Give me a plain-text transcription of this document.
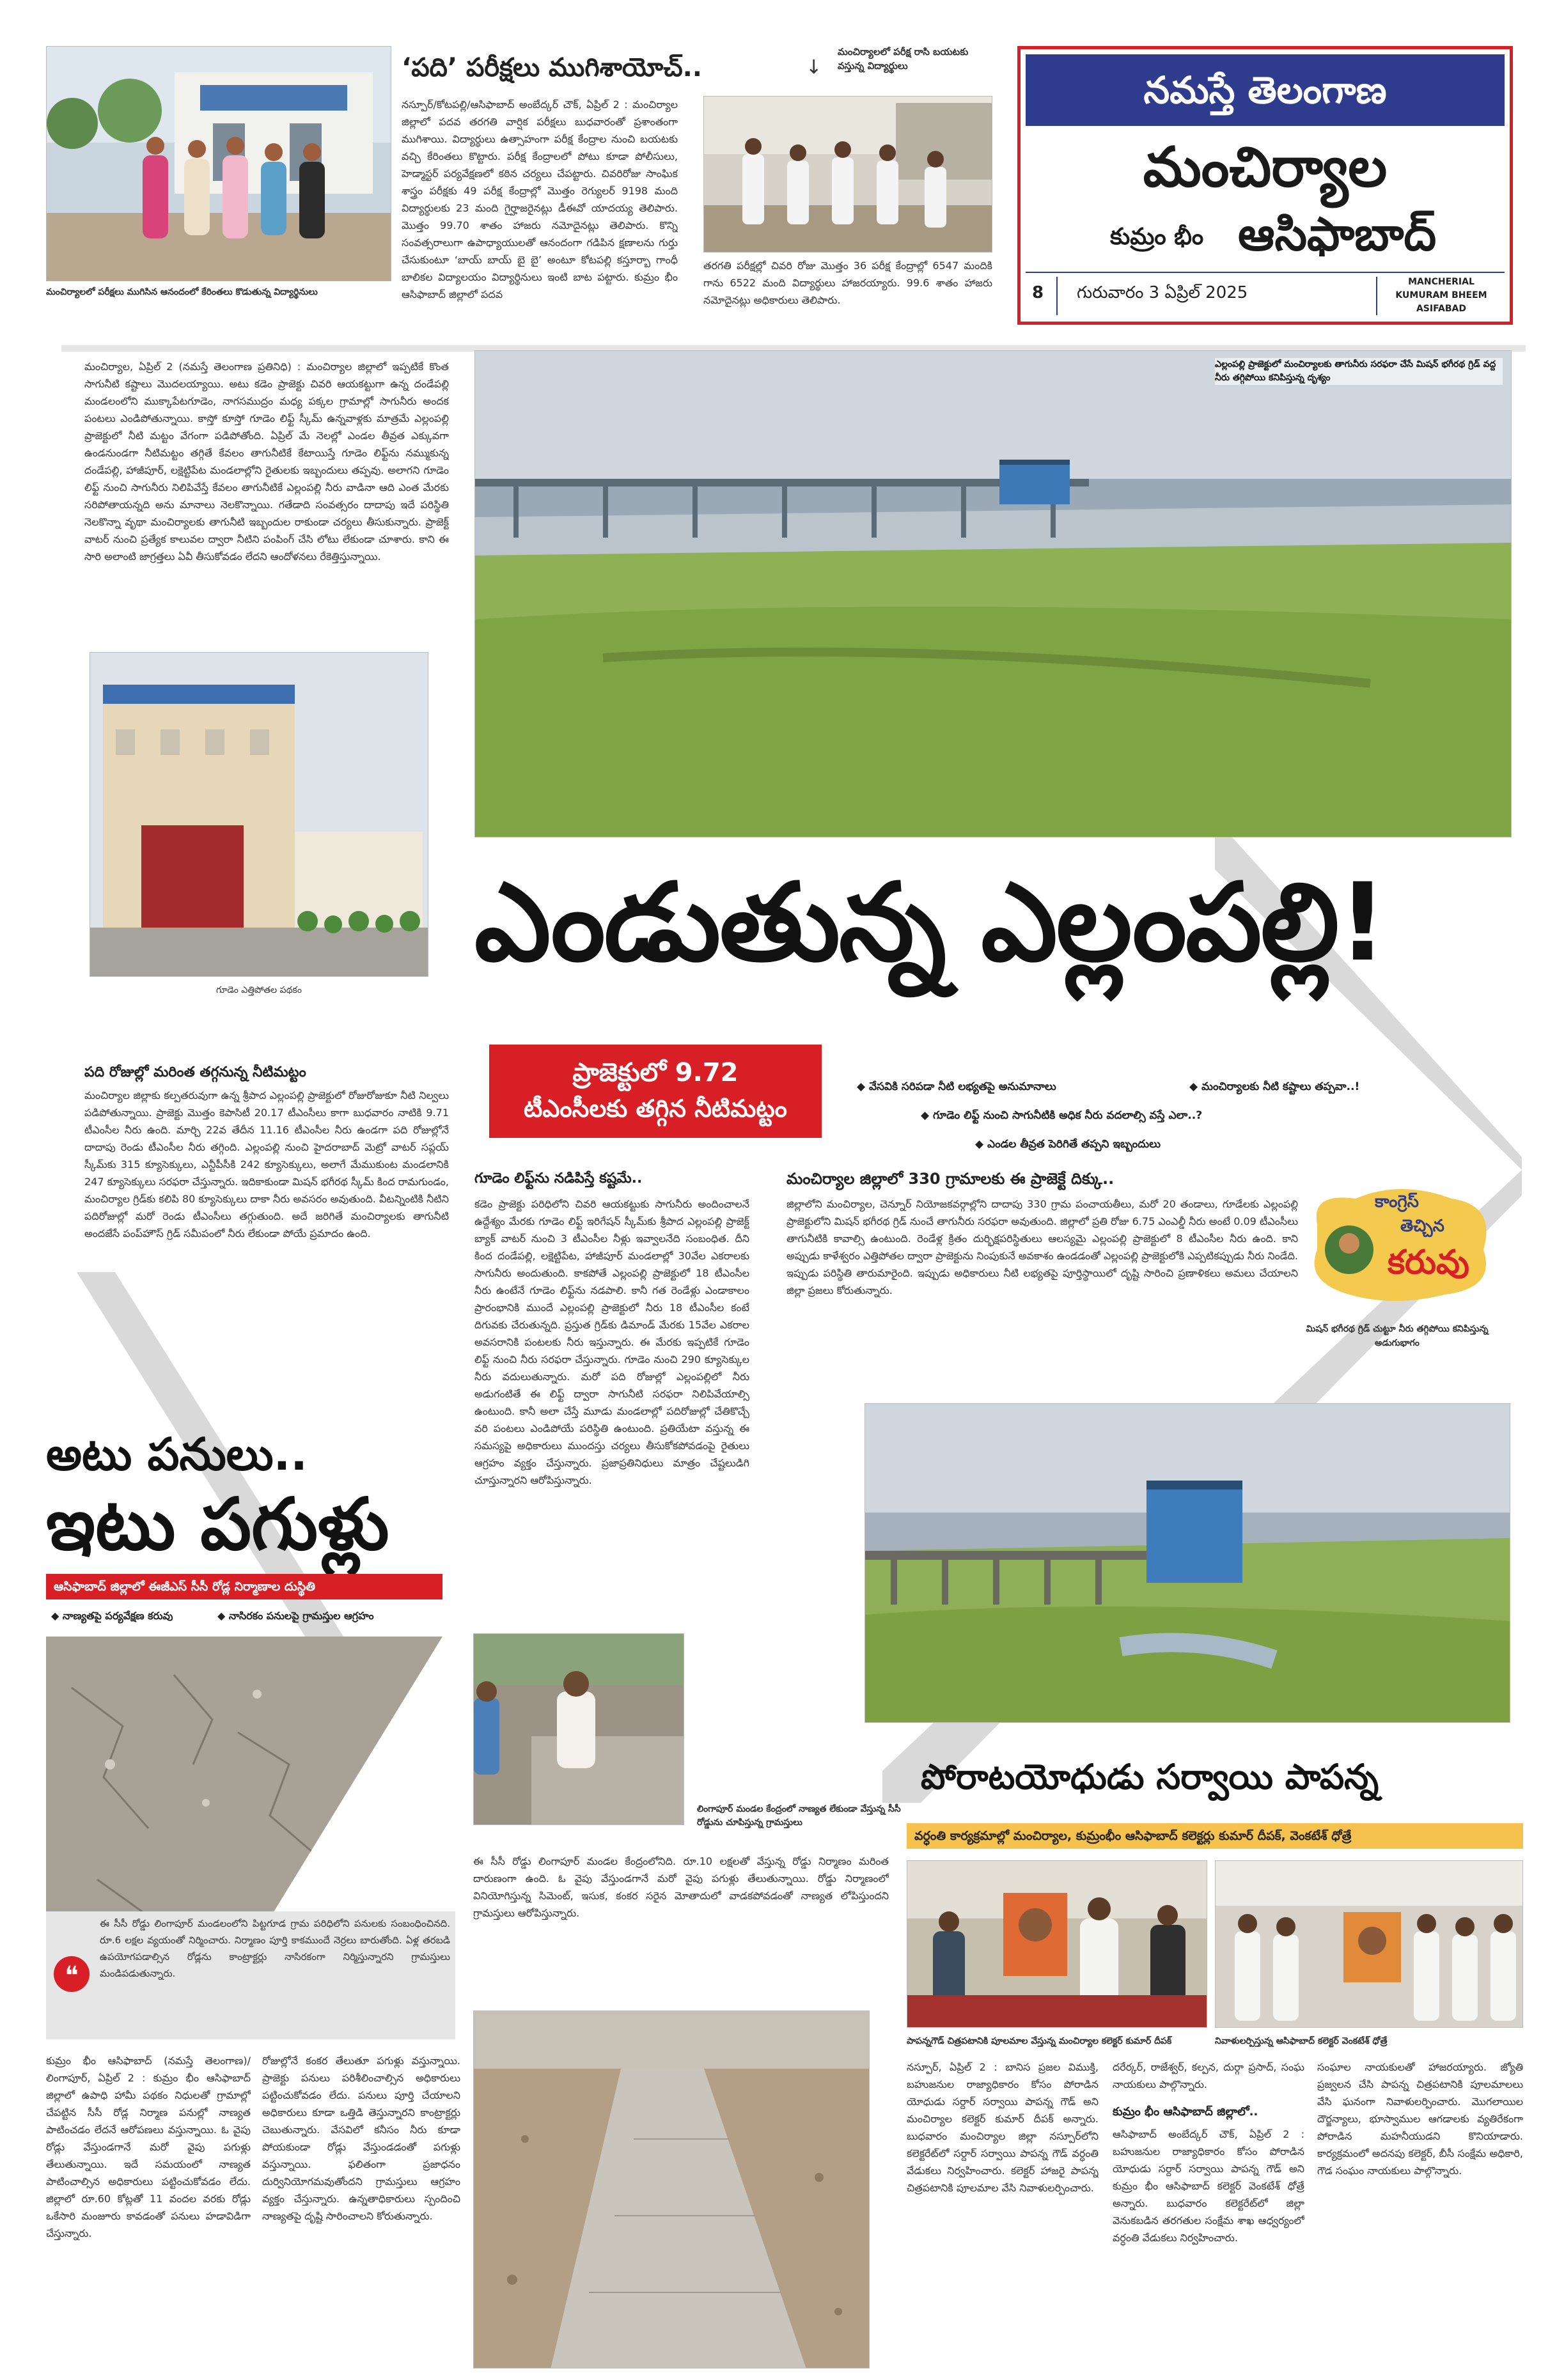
మంచిర్యాలలో పరీక్షలు ముగిసిన ఆనందంలో కేరింతలు కొడుతున్న విద్యార్థినులు
‘పది’ పరీక్షలు ముగిశాయోచ్..	↓
నస్పూర్/కోటపల్లి/ఆసిఫాబాద్ అంబేద్కర్ చౌక్, ఏప్రిల్ 2 : మంచిర్యాల జిల్లాలో పదవ తరగతి వార్షిక పరీక్షలు బుధవారంతో ప్రశాంతంగా ముగిశాయి. విద్యార్థులు ఉత్సాహంగా పరీక్ష కేంద్రాల నుంచి బయటకు వచ్చి కేరింతలు కొట్టారు. పరీక్ష కేంద్రాలలో పోటు కూడా పోలీసులు, హెడ్మాస్టర్ పర్యవేక్షణలో కఠిన చర్యలు చేపట్టారు. చివరిరోజు సాంఘిక శాస్త్రం పరీక్షకు 49 పరీక్ష కేంద్రాల్లో మొత్తం రెగ్యులర్ 9198 మంది విద్యార్థులకు 23 మంది గైర్హాజరైనట్లు డీఈవో యాదయ్య తెలిపారు. మొత్తం 99.70 శాతం హాజరు నమోదైనట్లు తెలిపారు. కొన్ని సంవత్సరాలుగా ఉపాధ్యాయులతో ఆనందంగా గడిపిన క్షణాలను గుర్తు చేసుకుంటూ ‘బాయ్ బాయ్ బై బై’ అంటూ కోటపల్లి కస్తూర్బా గాంధీ బాలికల విద్యాలయం విద్యార్థినులు ఇంటి బాట పట్టారు. కుమ్రం భీం ఆసిఫాబాద్ జిల్లాలో పదవ
మంచిర్యాలలో పరీక్ష రాసి బయటకు వస్తున్న విద్యార్థులు
తరగతి పరీక్షల్లో చివరి రోజు మొత్తం 36 పరీక్ష కేంద్రాల్లో 6547 మందికి గాను 6522 మంది విద్యార్థులు హాజరయ్యారు. 99.6 శాతం హాజరు నమోదైనట్లు అధికారులు తెలిపారు.
నమస్తే తెలంగాణ
మంచిర్యాల
కుమ్రం భీం ఆసిఫాబాద్
8 గురువారం 3 ఏప్రిల్ 2025
MANCHERIAL
KUMURAM BHEEM
ASIFABAD
మంచిర్యాల, ఏప్రిల్ 2 (నమస్తే తెలంగాణ ప్రతినిధి) : మంచిర్యాల జిల్లాలో ఇప్పటికే కొంత సాగునీటి కష్టాలు మొదలయ్యాయి. అటు కడెం ప్రాజెక్టు చివరి ఆయకట్టుగా ఉన్న దండేపల్లి మండలంలోని ముక్కాపేటగూడెం, నాగసముద్రం మధ్య పక్కల గ్రామాల్లో సాగునీరు అందక పంటలు ఎండిపోతున్నాయి. కాస్తో కూస్తో గూడెం లిఫ్ట్ స్కీమ్ ఉన్నవాళ్లకు మాత్రమే ఎల్లంపల్లి ప్రాజెక్టులో నీటి మట్టం వేగంగా పడిపోతోంది. ఏప్రిల్ మే నెలల్లో ఎండల తీవ్రత ఎక్కువగా ఉండనుండగా నీటిమట్టం తగ్గితే కేవలం తాగునీటికే కేటాయిస్తే గూడెం లిఫ్ట్‌ను నమ్ముకున్న దండేపల్లి, హాజీపూర్, లక్షెట్టిపేట మండలాల్లోని రైతులకు ఇబ్బందులు తప్పవు. అలాగని గూడెం లిఫ్ట్ నుంచి సాగునీరు నిలిపివేస్తే కేవలం తాగునీటికే ఎల్లంపల్లి నీరు వాడినా ఆది ఎంత మేరకు సరిపోతాయన్నది అను మానాలు నెలకొన్నాయి. గతేడాది సంవత్సరం దాదాపు ఇదే పరిస్థితి నెలకొన్నా వృథా మంచిర్యాలకు తాగునీటి ఇబ్బందుల రాకుండా చర్యలు తీసుకున్నారు. ప్రాజెక్ట్ వాటర్ నుంచి ప్రత్యేక కాలువల ద్వారా నీటిని పంపింగ్ చేసి లోటు లేకుండా చూశారు. కాని ఈ సారి అలాంటి జాగ్రత్తలు ఏవీ తీసుకోవడం లేదని ఆందోళనలు రేకెత్తిస్తున్నాయి.
ఎల్లంపల్లి ప్రాజెక్టులో మంచిర్యాలకు తాగునీరు సరఫరా చేసే మిషన్ భగీరథ గ్రిడ్ వద్ద నీరు తగ్గిపోయి కనిపిస్తున్న దృశ్యం
గూడెం ఎత్తిపోతల పథకం
ఎండుతున్న ఎల్లంపల్లి!
ప్రాజెక్టులో 9.72
టీఎంసీలకు తగ్గిన నీటిమట్టం
◆ వేసవికి సరిపడా నీటి లభ్యతపై అనుమానాలు	◆ మంచిర్యాలకు నీటి కష్టాలు తప్పవా..!
◆ గూడెం లిఫ్ట్ నుంచి సాగునీటికి అధిక నీరు వదలాల్సి వస్తే ఎలా..?
◆ ఎండల తీవ్రత పెరిగితే తప్పని ఇబ్బందులు
పది రోజుల్లో మరింత తగ్గనున్న నీటిమట్టం
మంచిర్యాల జిల్లాకు కల్పతరువుగా ఉన్న శ్రీపాద ఎల్లంపల్లి ప్రాజెక్టులో రోజురోజుకూ నీటి నిల్వలు పడిపోతున్నాయి. ప్రాజెక్టు మొత్తం కెపాసిటీ 20.17 టీఎంసీలు కాగా బుధవారం నాటికి 9.71 టీఎంసీల నీరు ఉంది. మార్చి 22వ తేదీన 11.16 టీఎంసీల నీరు ఉండగా పది రోజుల్లోనే దాదాపు రెండు టీఎంసీల నీరు తగ్గింది. ఎల్లంపల్లి నుంచి హైదరాబాద్ మెట్రో వాటర్ సప్లయ్ స్కీమ్‌కు 315 క్యూసెక్కులు, ఎన్టీపీసీకి 242 క్యూసెక్కులు, అలాగే మేముకుంట మండలానికి 247 క్యూసెక్కులు సరఫరా చేస్తున్నారు. ఇదికాకుండా మిషన్ భగీరథ స్కీమ్ కింద రామగుండం, మంచిర్యాల గ్రిడ్‌కు కలిపి 80 క్యూసెక్కులు దాకా నీరు అవసరం అవుతుంది. వీటన్నింటికి నీటిని పదిరోజుల్లో మరో రెండు టీఎంసీలు తగ్గుతుంది. అదే జరిగితే మంచిర్యాలకు తాగునీటి అందజేసే పంప్‌హౌస్ గ్రిడ్ సమీపంలో నీరు లేకుండా పోయే ప్రమాదం ఉంది.
గూడెం లిఫ్ట్‌ను నడిపిస్తే కష్టమే..
కడెం ప్రాజెక్టు పరిధిలోని చివరి ఆయకట్టుకు సాగునీరు అందించాలనే ఉద్దేశ్యం మేరకు గూడెం లిఫ్ట్ ఇరిగేషన్ స్కీమ్‌కు శ్రీపాద ఎల్లంపల్లి ప్రాజెక్ట్ బ్యాక్ వాటర్ నుంచి 3 టీఎంసీల నీళ్లు ఇవ్వాలనేది సంబంధిత. దీని కింద దండేపల్లి, లక్షెట్టిపేట, హాజీపూర్ మండలాల్లో 30వేల ఎకరాలకు సాగునీరు అందుతుంది. కాకపోతే ఎల్లంపల్లి ప్రాజెక్టులో 18 టీఎంసీల నీరు ఉంటేనే గూడెం లిఫ్ట్‌ను నడపాలి. కానీ గత రెండేళ్లు ఎండాకాలం ప్రారంభానికి ముందే ఎల్లంపల్లి ప్రాజెక్టులో నీరు 18 టీఎంసీల కంటే దిగువకు చేరుతున్నది. ప్రస్తుత గ్రిడ్‌కు డిమాండ్ మేరకు 15వేల ఎకరాల అవసరానికి పంటలకు నీరు ఇస్తున్నారు. ఈ మేరకు ఇప్పటికే గూడెం లిఫ్ట్ నుంచి నీరు సరఫరా చేస్తున్నారు. గూడెం నుంచి 290 క్యూసెక్కుల నీరు వదులుతున్నారు. మరో పది రోజుల్లో ఎల్లంపల్లిలో నీరు అడుగంటితే ఈ లిఫ్ట్ ద్వారా సాగునీటి సరఫరా నిలిపివేయాల్సి ఉంటుంది. కానీ అలా చేస్తే మూడు మండలాల్లో పదిరోజుల్లో చేతికొచ్చే వరి పంటలు ఎండిపోయే పరిస్థితి ఉంటుంది. ప్రతియేటా వస్తున్న ఈ సమస్యపై అధికారులు ముందస్తు చర్యలు తీసుకోకపోవడంపై రైతులు ఆగ్రహం వ్యక్తం చేస్తున్నారు. ప్రజాప్రతినిధులు మాత్రం చేష్టలుడిగి చూస్తున్నారని ఆరోపిస్తున్నారు.
మంచిర్యాల జిల్లాలో 330 గ్రామాలకు ఈ ప్రాజెక్టే దిక్కు..
జిల్లాలోని మంచిర్యాల, చెన్నూర్ నియోజకవర్గాల్లోని దాదాపు 330 గ్రామ పంచాయతీలు, మరో 20 తండాలు, గూడేలకు ఎల్లంపల్లి ప్రాజెక్టులోని మిషన్ భగీరథ గ్రిడ్ నుంచే తాగునీరు సరఫరా అవుతుంది. జిల్లాలో ప్రతి రోజు 6.75 ఎంఎల్డీ నీరు అంటే 0.09 టీఎంసీలు తాగునీటికి కావాల్సి ఉంటుంది. రెండేళ్ల క్రితం దుర్భిక్షపరిస్థితులు ఆలస్యమై ఎల్లంపల్లి ప్రాజెక్టులో 8 టీఎంసీల నీరు ఉంది. కాని అప్పుడు కాళేశ్వరం ఎత్తిపోతల ద్వారా ప్రాజెక్టును నింపుకునే అవకాశం ఉండడంతో ఎల్లంపల్లి ప్రాజెక్టులోకి ఎప్పటికప్పుడు నీరు నిండేది. ఇప్పుడు పరిస్థితి తారుమారైంది. ఇప్పుడు అధికారులు నీటి లభ్యతపై పూర్తిస్థాయిలో దృష్టి సారించి ప్రణాళికలు అమలు చేయాలని జిల్లా ప్రజలు కోరుతున్నారు.
కాంగ్రెస్
తెచ్చిన
కరువు
మిషన్ భగీరథ గ్రిడ్ చుట్టూ నీరు తగ్గిపోయి కనిపిస్తున్న అడుగుభాగం
అటు పనులు..
ఇటు పగుళ్లు
ఆసిఫాబాద్ జిల్లాలో ఈజీఎస్ సీసీ రోడ్ల నిర్మాణాల దుస్థితి
◆ నాణ్యతపై పర్యవేక్షణ కరువు	◆ నాసిరకం పనులపై గ్రామస్తుల ఆగ్రహం
❝
ఈ సీసీ రోడ్డు లింగాపూర్ మండలంలోని పిట్టగూడ గ్రామ పరిధిలోని పనులకు సంబంధించినది. రూ.6 లక్షల వ్యయంతో నిర్మించారు. నిర్మాణం పూర్తి కాకముందే నెర్రలు బారుతోంది. ఏళ్ల తరబడి ఉపయోగపడాల్సిన రోడ్లను కాంట్రాక్టర్లు నాసిరకంగా నిర్మిస్తున్నారని గ్రామస్తులు మండిపడుతున్నారు.
లింగాపూర్ మండల కేంద్రంలో నాణ్యత లేకుండా వేస్తున్న సీసీ రోడ్డును చూపిస్తున్న గ్రామస్తులు
ఈ సీసీ రోడ్డు లింగాపూర్ మండల కేంద్రంలోనిది. రూ.10 లక్షలతో వేస్తున్న రోడ్డు నిర్మాణం మరింత దారుణంగా ఉంది. ఓ వైపు వేస్తుండగానే మరో వైపు పగుళ్లు తేలుతున్నాయి. రోడ్డు నిర్మాణంలో వినియోగిస్తున్న సిమెంట్, ఇసుక, కంకర సరైన మోతాదులో వాడకపోవడంతో నాణ్యత లోపిస్తుందని గ్రామస్తులు ఆరోపిస్తున్నారు.
కుమ్రం భీం ఆసిఫాబాద్ (నమస్తే తెలంగాణ)/లింగాపూర్, ఏప్రిల్ 2 : కుమ్రం భీం ఆసిఫాబాద్ జిల్లాలో ఉపాధి హామీ పథకం నిధులతో గ్రామాల్లో చేపట్టిన సీసీ రోడ్ల నిర్మాణ పనుల్లో నాణ్యత పాటించడం లేదనే ఆరోపణలు వస్తున్నాయి. ఓ వైపు రోడ్లు వేస్తుండగానే మరో వైపు పగుళ్లు తేలుతున్నాయి. ఇదే సమయంలో నాణ్యత పాటించాల్సిన అధికారులు పట్టించుకోవడం లేదు. జిల్లాలో రూ.60 కోట్లతో 11 వందల వరకు రోడ్లు ఒకేసారి మంజూరు కావడంతో పనులు హడావిడిగా చేస్తున్నారు.
రోజుల్లోనే కంకర తేలుతూ పగుళ్లు వస్తున్నాయి. ప్రాజెక్టు పనులు పరిశీలించాల్సిన అధికారులు పట్టించుకోవడం లేదు. పనులు పూర్తి చేయాలని అధికారులు కూడా ఒత్తిడి తెస్తున్నారని కాంట్రాక్టర్లు చెబుతున్నారు. వేసవిలో కనీసం నీరు కూడా పోయకుండా రోడ్లు వేస్తుండడంతో పగుళ్లు వస్తున్నాయి. ఫలితంగా ప్రజాధనం దుర్వినియోగమవుతోందని గ్రామస్తులు ఆగ్రహం వ్యక్తం చేస్తున్నారు. ఉన్నతాధికారులు స్పందించి నాణ్యతపై దృష్టి సారించాలని కోరుతున్నారు.
పోరాటయోధుడు సర్వాయి పాపన్న
వర్ధంతి కార్యక్రమాల్లో మంచిర్యాల, కుమ్రంభీం ఆసిఫాబాద్ కలెక్టర్లు కుమార్ దీపక్, వెంకటేశ్ ధోత్రే
పాపన్నగౌడ్ చిత్రపటానికి పూలమాల వేస్తున్న మంచిర్యాల కలెక్టర్ కుమార్ దీపక్	నివాళులర్పిస్తున్న ఆసిఫాబాద్ కలెక్టర్ వెంకటేశ్ ధోత్రే
నస్పూర్, ఏప్రిల్ 2 : బానిస ప్రజల విముక్తి, బహుజనుల రాజ్యాధికారం కోసం పోరాడిన యోధుడు సర్దార్ సర్వాయి పాపన్న గౌడ్ అని మంచిర్యాల కలెక్టర్ కుమార్ దీపక్ అన్నారు. బుధవారం మంచిర్యాల జిల్లా నస్పూర్‌లోని కలెక్టరేట్‌లో సర్దార్ సర్వాయి పాపన్న గౌడ్ వర్ధంతి వేడుకలు నిర్వహించారు. కలెక్టర్ హాజరై పాపన్న చిత్రపటానికి పూలమాల వేసి నివాళులర్పించారు.
దరేర్కర్, రాజేశ్వర్, కల్పన, దుర్గా ప్రసాద్, సంఘ నాయకులు పాల్గొన్నారు.
కుమ్రం భీం ఆసిఫాబాద్ జిల్లాలో..
ఆసిఫాబాద్ అంబేద్కర్ చౌక్, ఏప్రిల్ 2 : బహుజనుల రాజ్యాధికారం కోసం పోరాడిన యోధుడు సర్దార్ సర్వాయి పాపన్న గౌడ్ అని కుమ్రం భీం ఆసిఫాబాద్ కలెక్టర్ వెంకటేశ్ ధోత్రే అన్నారు. బుధవారం కలెక్టరేట్‌లో జిల్లా వెనుకబడిన తరగతుల సంక్షేమ శాఖ ఆధ్వర్యంలో వర్ధంతి వేడుకలు నిర్వహించారు.
సంఘాల నాయకులతో హాజరయ్యారు. జ్యోతి ప్రజ్వలన చేసి పాపన్న చిత్రపటానికి పూలమాలలు వేసి ఘనంగా నివాళులర్పించారు. మొగలాయిల దౌర్జన్యాలు, భూస్వాముల ఆగడాలకు వ్యతిరేకంగా పోరాడిన మహనీయుడని కొనియాడారు. కార్యక్రమంలో అదనపు కలెక్టర్, బీసీ సంక్షేమ అధికారి, గౌడ సంఘం నాయకులు పాల్గొన్నారు.
